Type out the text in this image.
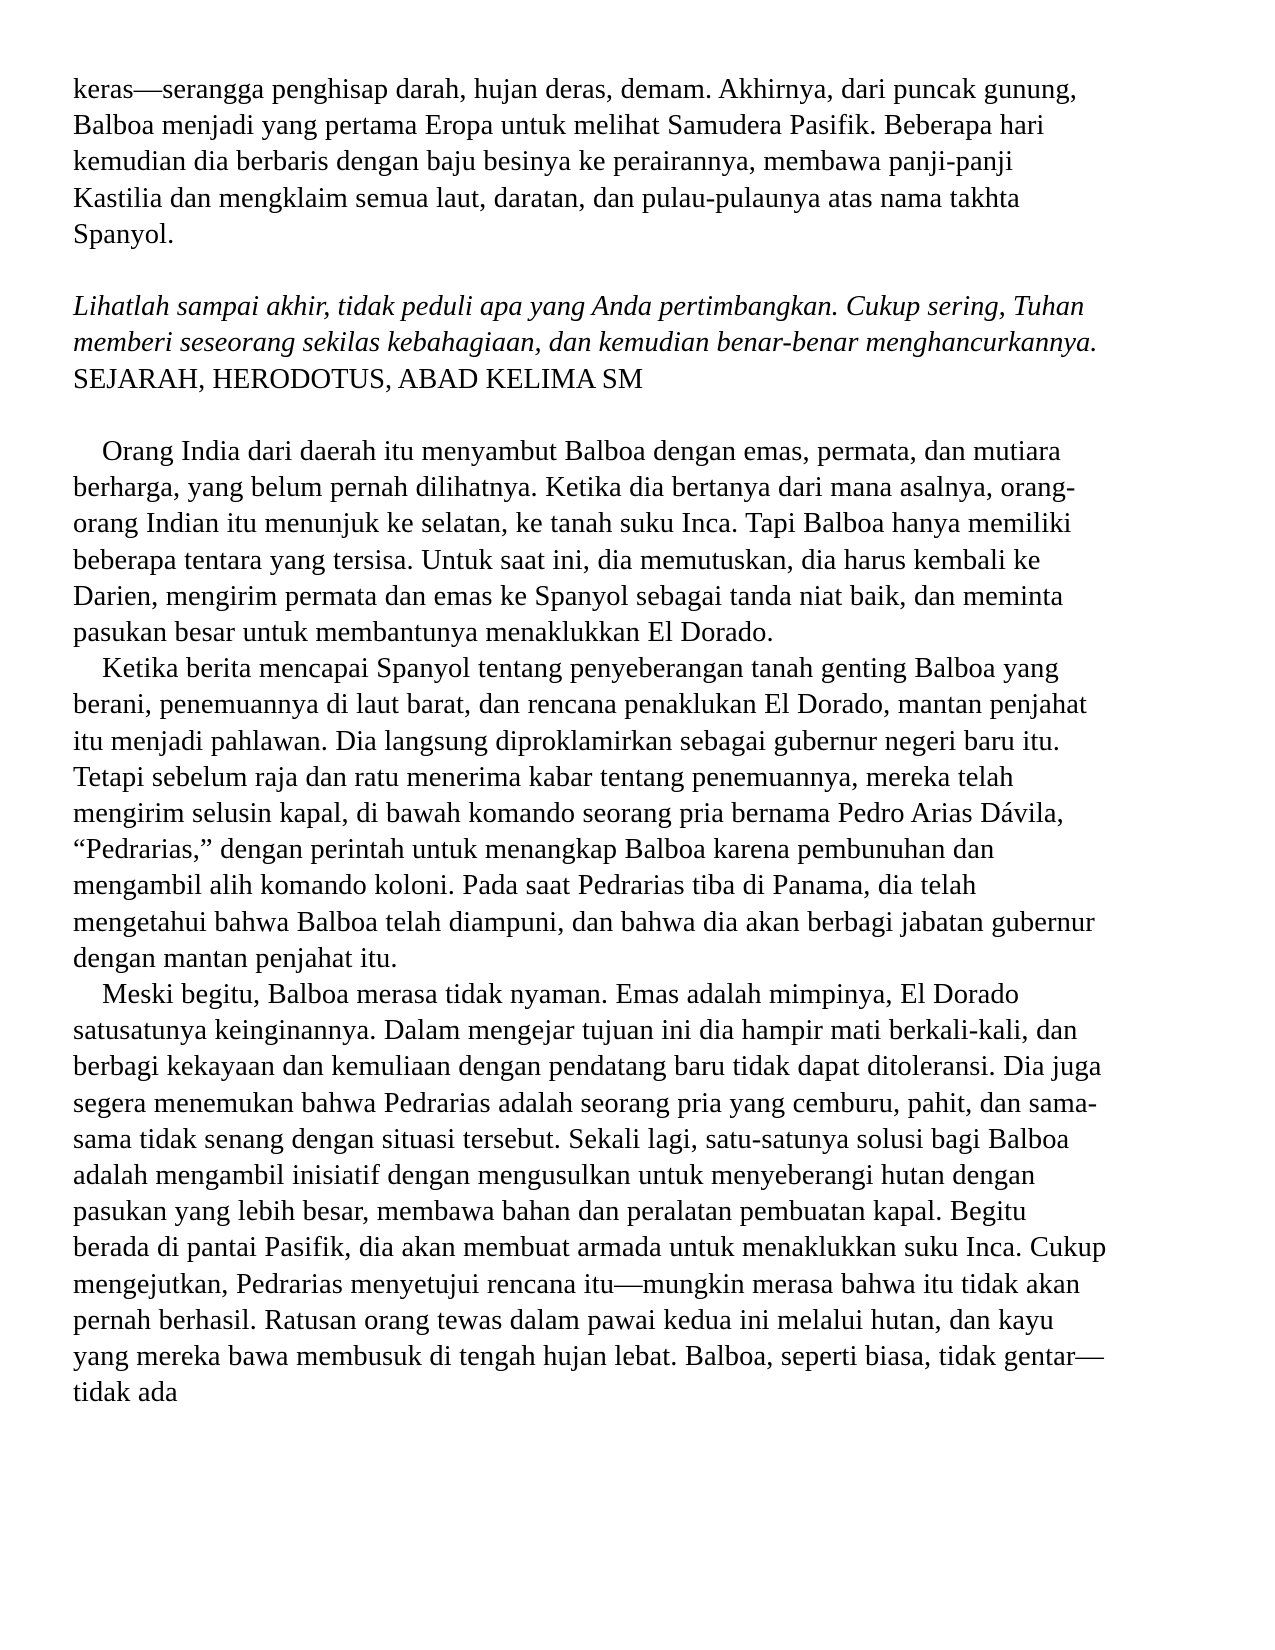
keras—serangga penghisap darah, hujan deras, demam. Akhirnya, dari puncak gunung, Balboa menjadi yang pertama Eropa untuk melihat Samudera Pasifik. Beberapa hari kemudian dia berbaris dengan baju besinya ke perairannya, membawa panji-panji Kastilia dan mengklaim semua laut, daratan, dan pulau-pulaunya atas nama takhta Spanyol.

Lihatlah sampai akhir, tidak peduli apa yang Anda pertimbangkan. Cukup sering, Tuhan memberi seseorang sekilas kebahagiaan, dan kemudian benar-benar menghancurkannya.

SEJARAH, HERODOTUS, ABAD KELIMA SM

Orang India dari daerah itu menyambut Balboa dengan emas, permata, dan mutiara berharga, yang belum pernah dilihatnya. Ketika dia bertanya dari mana asalnya, orang-orang Indian itu menunjuk ke selatan, ke tanah suku Inca. Tapi Balboa hanya memiliki beberapa tentara yang tersisa. Untuk saat ini, dia memutuskan, dia harus kembali ke Darien, mengirim permata dan emas ke Spanyol sebagai tanda niat baik, dan meminta pasukan besar untuk membantunya menaklukkan El Dorado.

Ketika berita mencapai Spanyol tentang penyeberangan tanah genting Balboa yang berani, penemuannya di laut barat, dan rencana penaklukan El Dorado, mantan penjahat itu menjadi pahlawan. Dia langsung diproklamirkan sebagai gubernur negeri baru itu. Tetapi sebelum raja dan ratu menerima kabar tentang penemuannya, mereka telah mengirim selusin kapal, di bawah komando seorang pria bernama Pedro Arias Dávila, “Pedrarias,” dengan perintah untuk menangkap Balboa karena pembunuhan dan mengambil alih komando koloni. Pada saat Pedrarias tiba di Panama, dia telah mengetahui bahwa Balboa telah diampuni, dan bahwa dia akan berbagi jabatan gubernur dengan mantan penjahat itu.

Meski begitu, Balboa merasa tidak nyaman. Emas adalah mimpinya, El Dorado satusatunya keinginannya. Dalam mengejar tujuan ini dia hampir mati berkali-kali, dan berbagi kekayaan dan kemuliaan dengan pendatang baru tidak dapat ditoleransi. Dia juga segera menemukan bahwa Pedrarias adalah seorang pria yang cemburu, pahit, dan sama-sama tidak senang dengan situasi tersebut. Sekali lagi, satu-satunya solusi bagi Balboa adalah mengambil inisiatif dengan mengusulkan untuk menyeberangi hutan dengan pasukan yang lebih besar, membawa bahan dan peralatan pembuatan kapal. Begitu berada di pantai Pasifik, dia akan membuat armada untuk menaklukkan suku Inca. Cukup mengejutkan, Pedrarias menyetujui rencana itu—mungkin merasa bahwa itu tidak akan pernah berhasil. Ratusan orang tewas dalam pawai kedua ini melalui hutan, dan kayu yang mereka bawa membusuk di tengah hujan lebat. Balboa, seperti biasa, tidak gentar—tidak ada
